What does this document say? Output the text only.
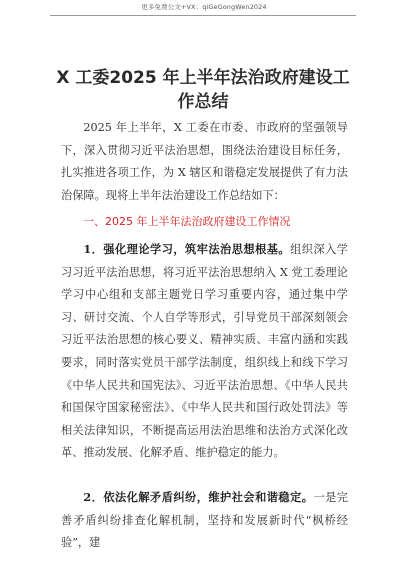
更多免费公文+VX：qiGeGongWen2024
X 工委2025 年上半年法治政府建设工作总结

2025 年上半年，X 工委在市委、市政府的坚强领导下，深入贯彻习近平法治思想，围绕法治建设目标任务，扎实推进各项工作，为 X 辖区和谐稳定发展提供了有力法治保障。现将上半年法治建设工作总结如下：

一、2025 年上半年法治政府建设工作情况

1．强化理论学习，筑牢法治思想根基。组织深入学习习近平法治思想，将习近平法治思想纳入 X 党工委理论学习中心组和支部主题党日学习重要内容，通过集中学习、研讨交流、个人自学等形式，引导党员干部深刻领会习近平法治思想的核心要义、精神实质、丰富内涵和实践要求，同时落实党员干部学法制度，组织线上和线下学习《中华人民共和国宪法》、习近平法治思想、《中华人民共和国保守国家秘密法》、《中华人民共和国行政处罚法》等相关法律知识，不断提高运用法治思维和法治方式深化改革、推动发展、化解矛盾、维护稳定的能力。

2．依法化解矛盾纠纷，维护社会和谐稳定。一是完善矛盾纠纷排查化解机制，坚持和发展新时代“枫桥经验”，建
